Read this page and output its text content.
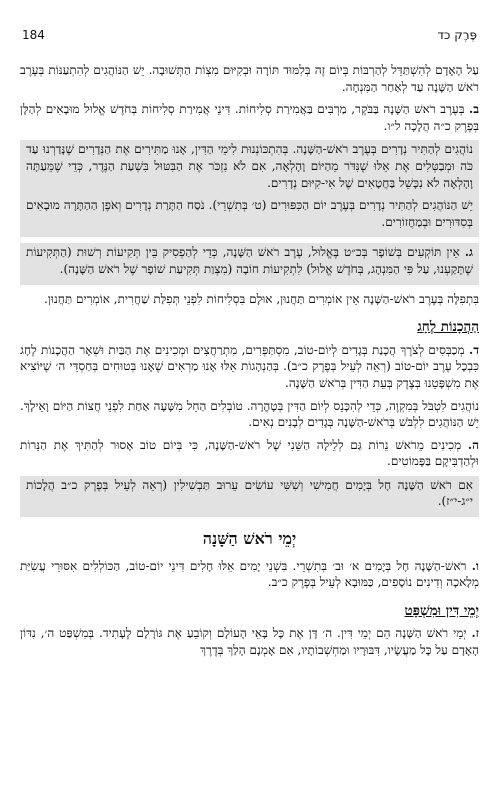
184	פֶּרֶק כד

עַל הָאָדָם לְהִשְׁתַּדֵּל לְהַרְבּוֹת בְּיוֹם זֶה בְּלִמּוּד תּוֹרָה וּבְקִיּוּם מִצְוֹת הַתְּשׁוּבָה. יֵשׁ הַנּוֹהֲגִים לְהִתְעַנּוֹת בְּעֶרֶב רֹאשׁ הַשָּׁנָה עַד לְאַחַר הַמִּנְחָה.

ב. בְּעֶרֶב רֹאשׁ הַשָּׁנָה בַּבֹּקֶר, מַרְבִּים בַּאֲמִירַת סְלִיחוֹת. דִּינֵי אֲמִירַת סְלִיחוֹת בְּחֹדֶשׁ אֱלוּל מוּבָאִים לְהַלָּן בְּפֶרֶק כ״ה הֲלָכָה ל״ו.

נוֹהֲגִים לְהַתִּיר נְדָרִים בְּעֶרֶב רֹאשׁ-הַשָּׁנָה. בְּהִתְכּוֹנְנוּת לִימֵי הַדִּין, אָנוּ מַתִּירִים אֶת הַנְּדָרִים שֶׁנָּדַרְנוּ עַד כֹּה וּמְבַטְּלִים אֶת אֵלּוּ שֶׁנִּדֹּר מֵהַיּוֹם וָהָלְאָה, אִם לֹא נִזְכֹּר אֶת הַבִּטּוּל בִּשְׁעַת הַנֶּדֶר, כְּדֵי שֶׁמֵּעַתָּה וָהָלְאָה לֹא נִכָּשֵׁל בַּחֲטָאִים שֶׁל אִי-קִיּוּם נְדָרִים.

יֵשׁ הַנּוֹהֲגִים לְהַתִּיר נְדָרִים בְּעֶרֶב יוֹם הַכִּפּוּרִים (ט׳ בְּתִשְׁרֵי). נֹסַח הַתָּרַת נְדָרִים וְאֹפֶן הַהַתָּרָה מוּבָאִים בְּסִדּוּרִים וּבְמַחֲזוֹרִים.

ג. אֵין תּוֹקְעִים בְּשׁוֹפָר בְּכ״ט בֶּאֱלוּל, עֶרֶב רֹאשׁ הַשָּׁנָה, כְּדֵי לְהַפְסִיק בֵּין תְּקִיעוֹת רְשׁוּת (הַתְּקִיעוֹת שֶׁתָּקַעְנוּ, עַל פִּי הַמִּנְהָג, בְּחֹדֶשׁ אֱלוּל) לִתְקִיעוֹת חוֹבָה (מִצְוַת תְּקִיעַת שׁוֹפָר שֶׁל רֹאשׁ הַשָּׁנָה).

בִּתְפִלָּה בְּעֶרֶב רֹאשׁ-הַשָּׁנָה אֵין אוֹמְרִים תַּחֲנוּן, אוּלָם בִּסְלִיחוֹת לִפְנֵי תְּפִלַּת שַׁחֲרִית, אוֹמְרִים תַּחֲנוּן.

הַהֲכָנוֹת לֶחָג

ד. מְכַבְּסִים לְצֹרֶךְ הֲכָנַת בְּגָדִים לְיוֹם-טוֹב, מִסְתַּפְּרִים, מִתְרַחֲצִים וּמְכִינִים אֶת הַבַּיִת וּשְׁאָר הַהֲכָנוֹת לֶחָג כִּבְכָל עֶרֶב יוֹם-טוֹב (רְאֵה לְעֵיל בְּפֶרֶק כ״ב). בְּהַנְהָגוֹת אֵלּוּ אָנוּ מַרְאִים שֶׁאָנוּ בְּטוּחִים בְּחַסְדֵּי ה׳ שֶׁיּוֹצִיא אֶת מִשְׁפָּטֵנוּ בְּצֶדֶק בְּעֵת הַדִּין בְּרֹאשׁ הַשָּׁנָה.

נוֹהֲגִים לִטְבֹּל בְּמִקְוֶה, כְּדֵי לְהִכָּנֵס לְיוֹם הַדִּין בְּטָהֳרָה. טוֹבְלִים הַחֵל מִשָּׁעָה אַחַת לִפְנֵי חֲצוֹת הַיּוֹם וָאֵילָךְ. יֵשׁ הַנּוֹהֲגִים לִלְבֹּשׁ בְּרֹאשׁ-הַשָּׁנָה בְּגָדִים לְבָנִים נְאִים.

ה. מְכִינִים מֵרֹאשׁ נֵרוֹת גַּם לְלֵילָה הַשֵּׁנִי שֶׁל רֹאשׁ-הַשָּׁנָה, כִּי בְּיוֹם טוֹב אָסוּר לְהַתִּיךְ אֶת הַנֵּרוֹת וּלְהַדְבִּיקָם בַּפָּמוֹטִים.

אִם רֹאשׁ הַשָּׁנָה חָל בְּיָמִים חֲמִישִׁי וְשִׁשִּׁי עוֹשִׂים עֵרוּב תַּבְשִׁילִין (רְאֵה לְעֵיל בְּפֶרֶק כ״ב הֲלָכוֹת י״ג-י״ז).

יְמֵי רֹאשׁ הַשָּׁנָה

ו. רֹאשׁ-הַשָּׁנָה חָל בְּיָמִים א׳ וּב׳ בְּתִשְׁרֵי. בִּשְׁנֵי יָמִים אֵלּוּ חָלִים דִּינֵי יוֹם-טוֹב, הַכּוֹלְלִים אִסּוּרֵי עֲשִׂיַּת מְלָאכָה וְדִינִים נוֹסָפִים, כַּמּוּבָא לְעֵיל בְּפֶרֶק כ״ב.

יְמֵי דִּין וּמִשְׁפָּט

ז. יְמֵי רֹאשׁ הַשָּׁנָה הֵם יְמֵי דִּין. ה׳ דָּן אֶת כָּל בָּאֵי הָעוֹלָם וְקוֹבֵעַ אֶת גּוֹרָלָם לֶעָתִיד. בְּמִשְׁפַּט ה׳, נִדּוֹן הָאָדָם עַל כָּל מַעֲשָׂיו, דִּבּוּרָיו וּמַחְשְׁבוֹתָיו, אִם אָמְנָם הָלַךְ בְּדֶרֶךְ
